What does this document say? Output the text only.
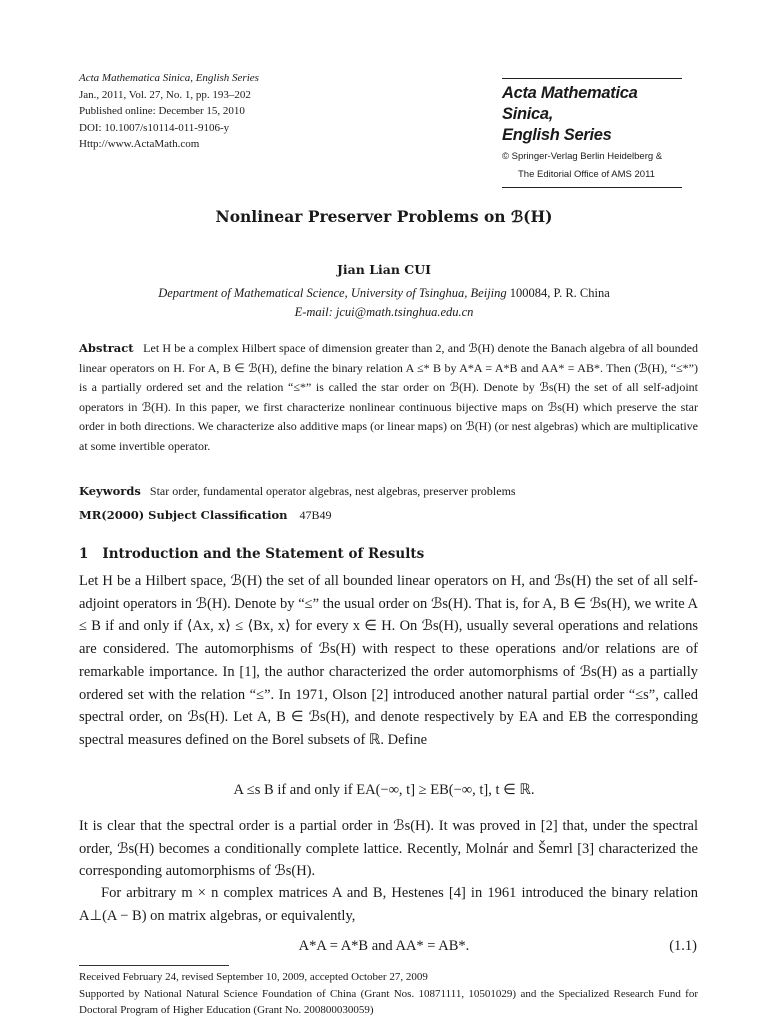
Acta Mathematica Sinica, English Series
Jan., 2011, Vol. 27, No. 1, pp. 193–202
Published online: December 15, 2010
DOI: 10.1007/s10114-011-9106-y
Http://www.ActaMath.com
Acta Mathematica Sinica,
English Series
© Springer-Verlag Berlin Heidelberg &
The Editorial Office of AMS 2011
Nonlinear Preserver Problems on ℬ(H)
Jian Lian CUI
Department of Mathematical Science, University of Tsinghua, Beijing 100084, P. R. China
E-mail: jcui@math.tsinghua.edu.cn
Abstract Let H be a complex Hilbert space of dimension greater than 2, and ℬ(H) denote the Banach algebra of all bounded linear operators on H. For A, B ∈ ℬ(H), define the binary relation A ≤* B by A*A = A*B and AA* = AB*. Then (ℬ(H), “≤*”) is a partially ordered set and the relation “≤*” is called the star order on ℬ(H). Denote by ℬs(H) the set of all self-adjoint operators in ℬ(H). In this paper, we first characterize nonlinear continuous bijective maps on ℬs(H) which preserve the star order in both directions. We characterize also additive maps (or linear maps) on ℬ(H) (or nest algebras) which are multiplicative at some invertible operator.
Keywords Star order, fundamental operator algebras, nest algebras, preserver problems
MR(2000) Subject Classification 47B49
1 Introduction and the Statement of Results
Let H be a Hilbert space, ℬ(H) the set of all bounded linear operators on H, and ℬs(H) the set of all self-adjoint operators in ℬ(H). Denote by “≤” the usual order on ℬs(H). That is, for A, B ∈ ℬs(H), we write A ≤ B if and only if ⟨Ax, x⟩ ≤ ⟨Bx, x⟩ for every x ∈ H. On ℬs(H), usually several operations and relations are considered. The automorphisms of ℬs(H) with respect to these operations and/or relations are of remarkable importance. In [1], the author characterized the order automorphisms of ℬs(H) as a partially ordered set with the relation “≤”. In 1971, Olson [2] introduced another natural partial order “≤s”, called spectral order, on ℬs(H). Let A, B ∈ ℬs(H), and denote respectively by EA and EB the corresponding spectral measures defined on the Borel subsets of ℝ. Define
A ≤s B if and only if EA(−∞, t] ≥ EB(−∞, t], t ∈ ℝ.
It is clear that the spectral order is a partial order in ℬs(H). It was proved in [2] that, under the spectral order, ℬs(H) becomes a conditionally complete lattice. Recently, Molnár and Šemrl [3] characterized the corresponding automorphisms of ℬs(H).
For arbitrary m × n complex matrices A and B, Hestenes [4] in 1961 introduced the binary relation A⊥(A − B) on matrix algebras, or equivalently,
A*A = A*B and AA* = AB*.	(1.1)
Received February 24, revised September 10, 2009, accepted October 27, 2009
Supported by National Natural Science Foundation of China (Grant Nos. 10871111, 10501029) and the Specialized Research Fund for Doctoral Program of Higher Education (Grant No. 200800030059)
